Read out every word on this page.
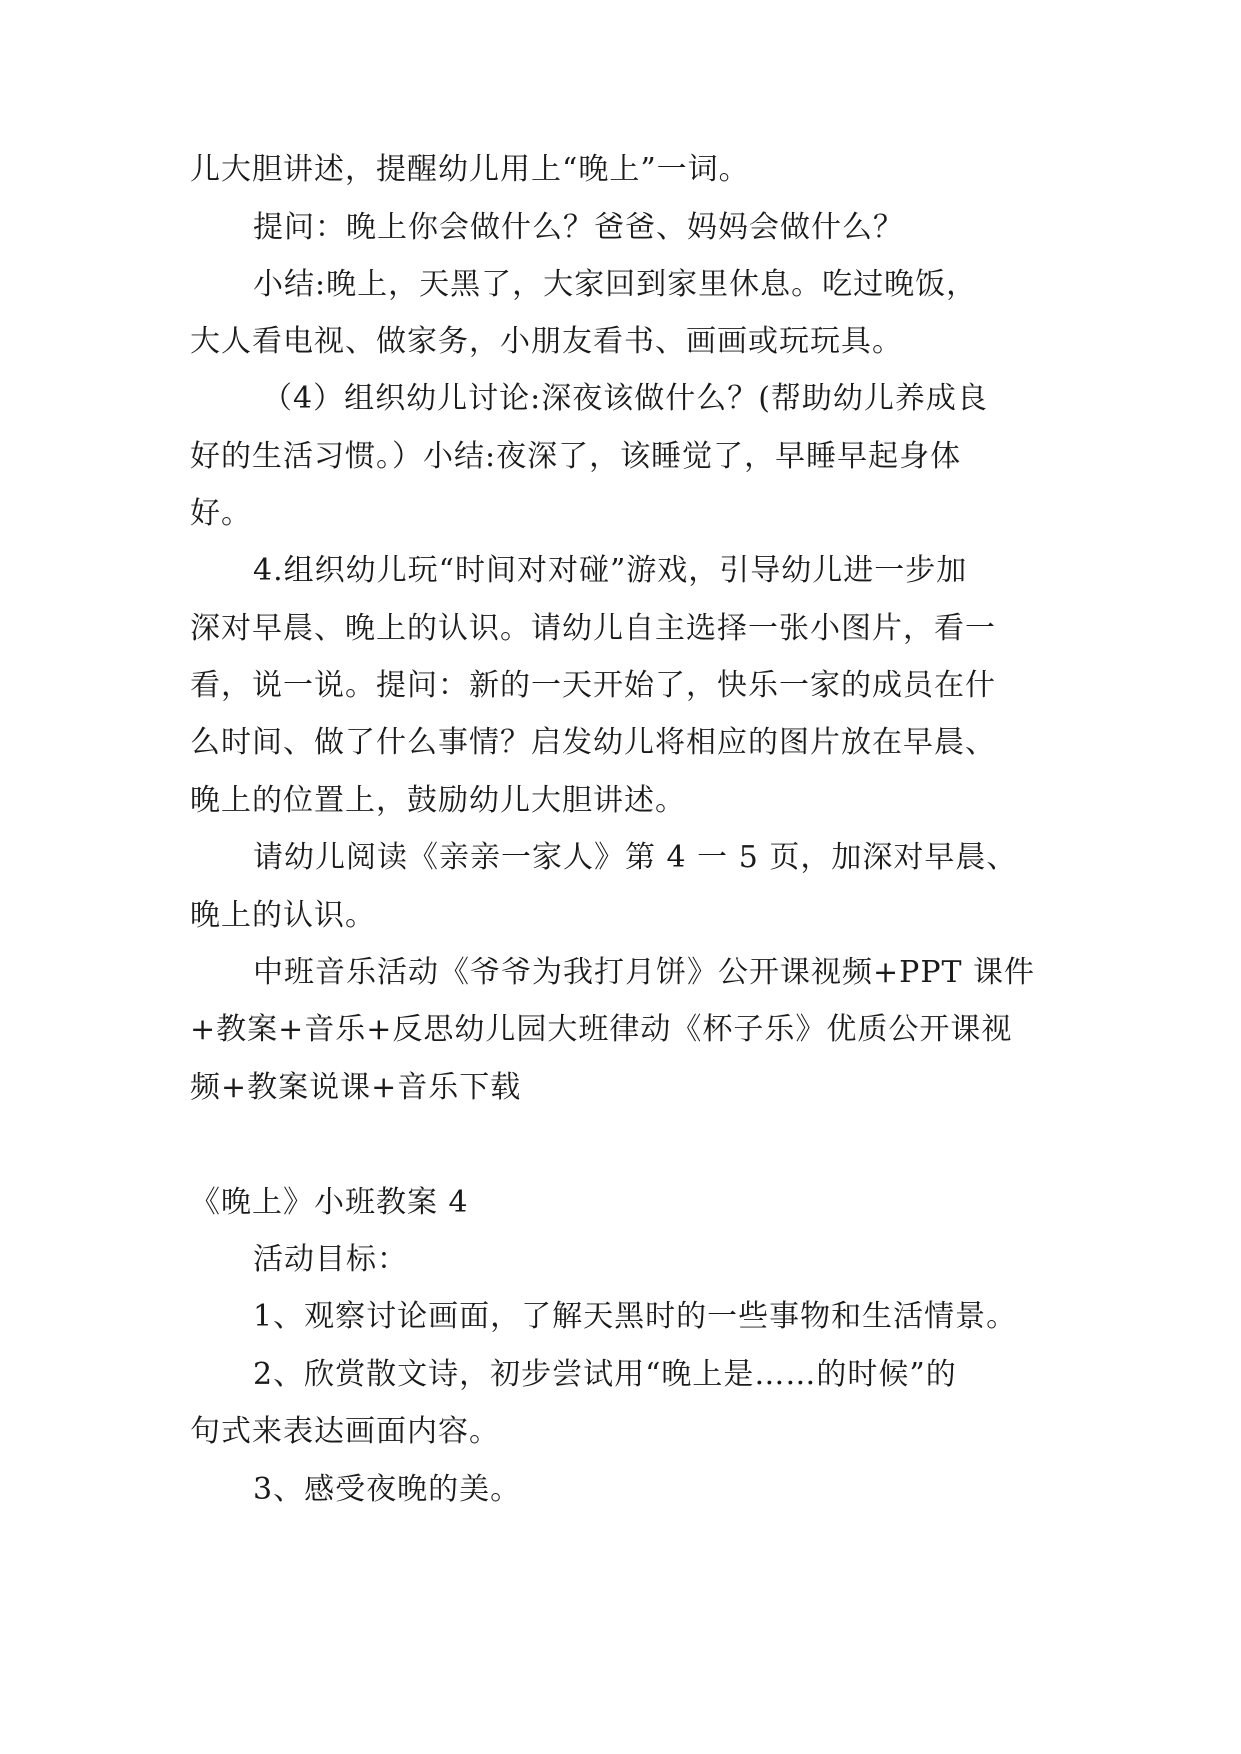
儿大胆讲述，提醒幼儿用上“晚上”一词。
提问：晚上你会做什么？爸爸、妈妈会做什么？
小结:晚上，天黑了，大家回到家里休息。吃过晚饭，
大人看电视、做家务，小朋友看书、画画或玩玩具。
（4）组织幼儿讨论:深夜该做什么？(帮助幼儿养成良
好的生活习惯。）小结:夜深了，该睡觉了，早睡早起身体
好。
4.组织幼儿玩“时间对对碰”游戏，引导幼儿进一步加
深对早晨、晚上的认识。请幼儿自主选择一张小图片，看一
看，说一说。提问：新的一天开始了，快乐一家的成员在什
么时间、做了什么事情？启发幼儿将相应的图片放在早晨、
晚上的位置上，鼓励幼儿大胆讲述。
请幼儿阅读《亲亲一家人》第 4 一 5 页，加深对早晨、
晚上的认识。
中班音乐活动《爷爷为我打月饼》公开课视频+PPT 课件
+教案+音乐+反思幼儿园大班律动《杯子乐》优质公开课视
频+教案说课+音乐下载
《晚上》小班教案 4
活动目标：
1、观察讨论画面，了解天黑时的一些事物和生活情景。
2、欣赏散文诗，初步尝试用“晚上是……的时候”的
句式来表达画面内容。
3、感受夜晚的美。
